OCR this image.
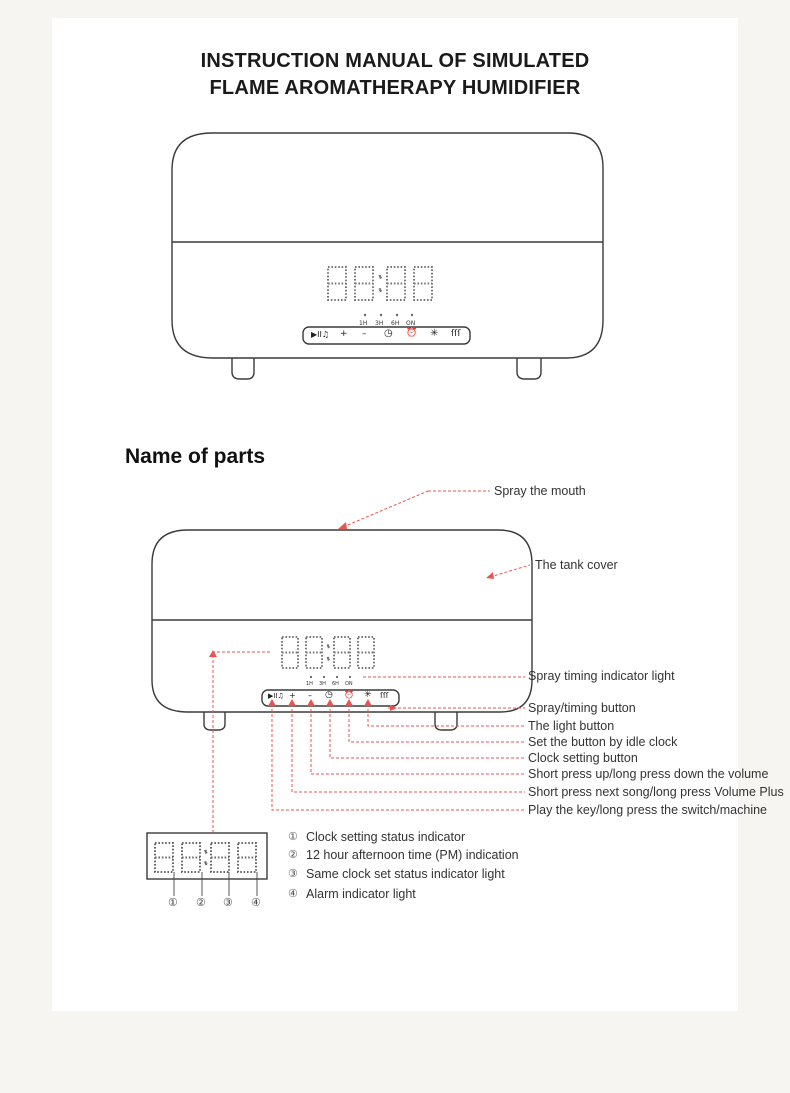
INSTRUCTION MANUAL OF SIMULATED
FLAME AROMATHERAPY HUMIDIFIER
1H 3H 6H ON
▶II♫ + – ◷ ⏰ ✳ ſſſ
Name of parts
▶II♫ + – ◷ ⏰ ✳ ſſſ
1H 3H 6H ON
Spray the mouth
The tank cover
Spray timing indicator light
Spray/timing button
The light button
Set the button by idle clock
Clock setting button
Short press up/long press down the volume
Short press next song/long press Volume Plus
Play the key/long press the switch/machine
① ② ③ ④
① Clock setting status indicator
② 12 hour afternoon time (PM) indication
③ Same clock set status indicator light
④ Alarm indicator light
